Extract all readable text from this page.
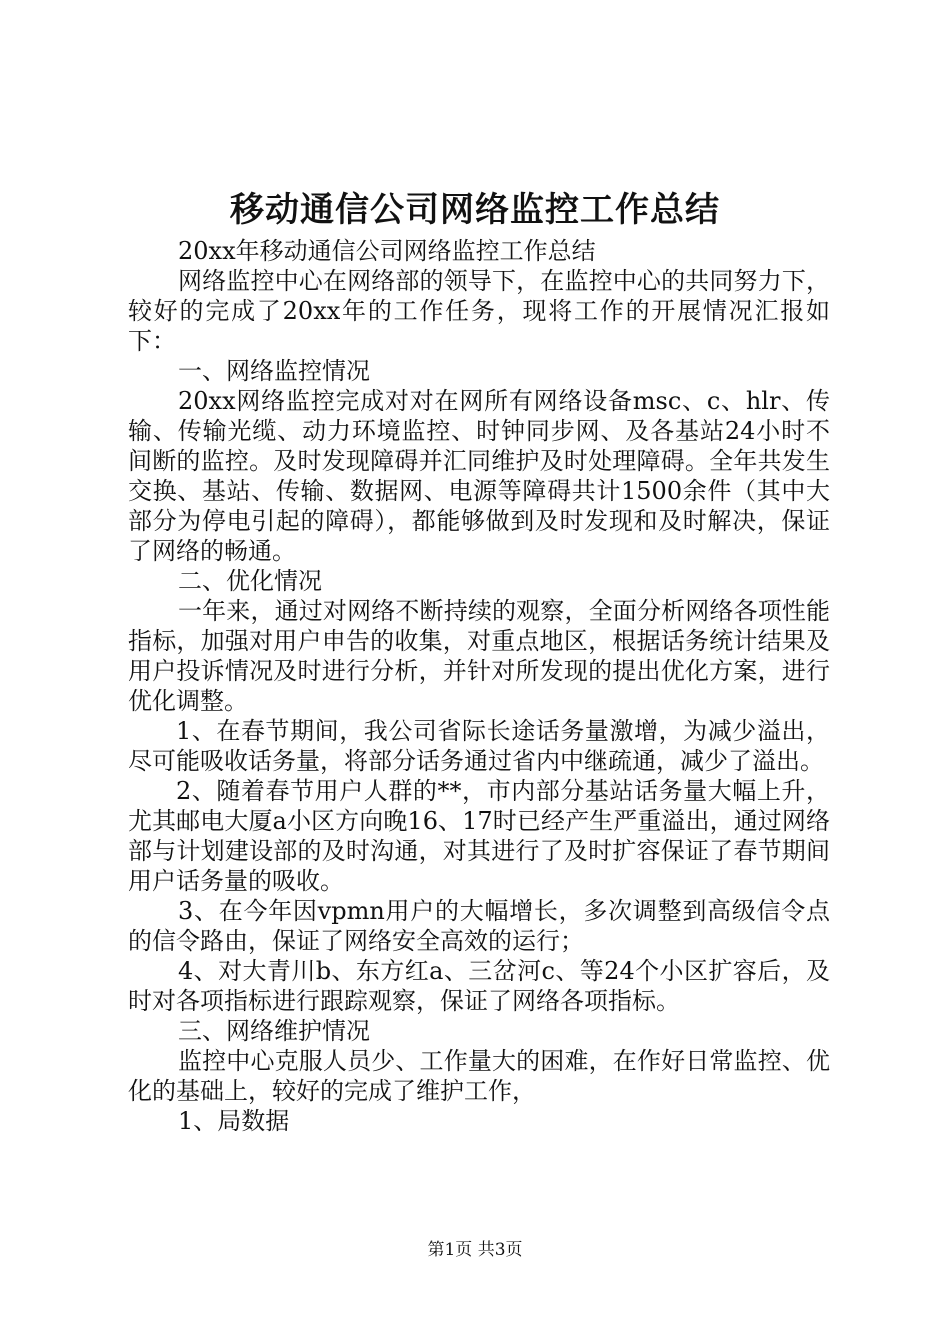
移动通信公司网络监控工作总结

20xx年移动通信公司网络监控工作总结

网络监控中心在网络部的领导下，在监控中心的共同努力下，较好的完成了20xx年的工作任务，现将工作的开展情况汇报如下：

一、网络监控情况

20xx网络监控完成对对在网所有网络设备msc、c、hlr、传输、传输光缆、动力环境监控、时钟同步网、及各基站24小时不间断的监控。及时发现障碍并汇同维护及时处理障碍。全年共发生交换、基站、传输、数据网、电源等障碍共计1500余件（其中大部分为停电引起的障碍），都能够做到及时发现和及时解决，保证了网络的畅通。

二、优化情况

一年来，通过对网络不断持续的观察，全面分析网络各项性能指标，加强对用户申告的收集，对重点地区，根据话务统计结果及用户投诉情况及时进行分析，并针对所发现的提出优化方案，进行优化调整。

1、在春节期间，我公司省际长途话务量激增，为减少溢出，尽可能吸收话务量，将部分话务通过省内中继疏通，减少了溢出。

2、随着春节用户人群的**，市内部分基站话务量大幅上升，尤其邮电大厦a小区方向晚16、17时已经产生严重溢出，通过网络部与计划建设部的及时沟通，对其进行了及时扩容保证了春节期间用户话务量的吸收。

3、在今年因vpmn用户的大幅增长，多次调整到高级信令点的信令路由，保证了网络安全高效的运行；

4、对大青川b、东方红a、三岔河c、等24个小区扩容后，及时对各项指标进行跟踪观察，保证了网络各项指标。

三、网络维护情况

监控中心克服人员少、工作量大的困难，在作好日常监控、优化的基础上，较好的完成了维护工作，

1、局数据

第1页 共3页
